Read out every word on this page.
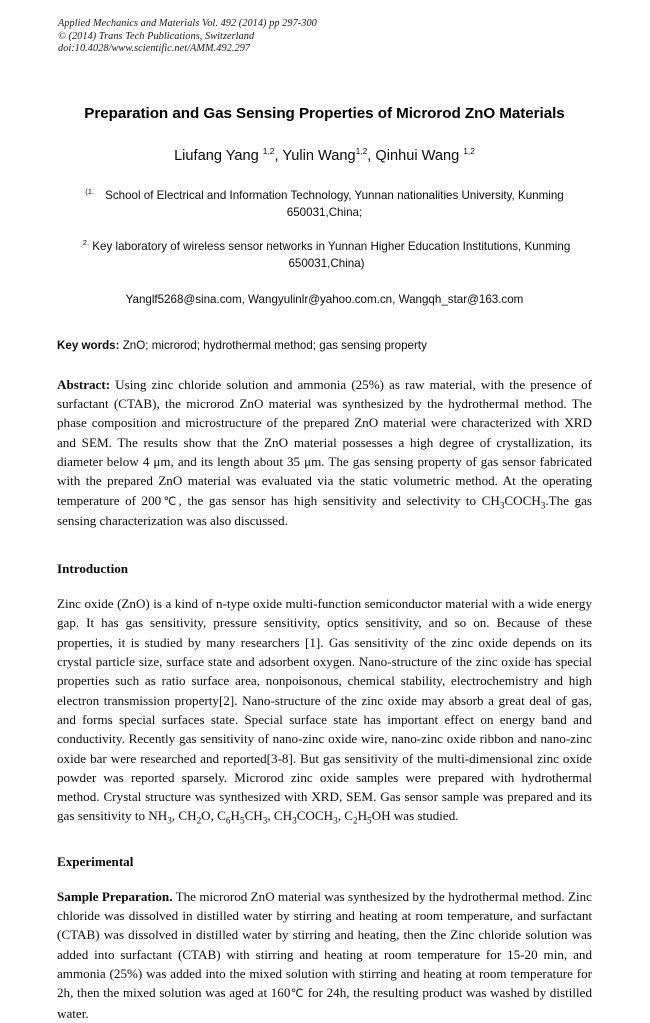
Applied Mechanics and Materials Vol. 492 (2014) pp 297-300
© (2014) Trans Tech Publications, Switzerland
doi:10.4028/www.scientific.net/AMM.492.297
Preparation and Gas Sensing Properties of Microrod ZnO Materials
Liufang Yang $^{1,2}$, Yulin Wang$^{1,2}$, Qinhui Wang $^{1,2}$
$^{(1.}$ School of Electrical and Information Technology, Yunnan nationalities University, Kunming 650031,China;
$^{2.}$ Key laboratory of wireless sensor networks in Yunnan Higher Education Institutions, Kunming 650031,China)
Yanglf5268@sina.com, Wangyulinlr@yahoo.com.cn, Wangqh_star@163.com
Key words: ZnO; microrod; hydrothermal method; gas sensing property

Abstract: Using zinc chloride solution and ammonia (25%) as raw material, with the presence of surfactant (CTAB), the microrod ZnO material was synthesized by the hydrothermal method. The phase composition and microstructure of the prepared ZnO material were characterized with XRD and SEM. The results show that the ZnO material possesses a high degree of crystallization, its diameter below 4 μm, and its length about 35 μm. The gas sensing property of gas sensor fabricated with the prepared ZnO material was evaluated via the static volumetric method. At the operating temperature of 200℃, the gas sensor has high sensitivity and selectivity to $CH_3COCH_3.The$ gas sensing characterization was also discussed.

Introduction

Zinc oxide (ZnO) is a kind of n-type oxide multi-function semiconductor material with a wide energy gap. It has gas sensitivity, pressure sensitivity, optics sensitivity, and so on. Because of these properties, it is studied by many researchers [1]. Gas sensitivity of the zinc oxide depends on its crystal particle size, surface state and adsorbent oxygen. Nano-structure of the zinc oxide has special properties such as ratio surface area, nonpoisonous, chemical stability, electrochemistry and high electron transmission property[2]. Nano-structure of the zinc oxide may absorb a great deal of gas, and forms special surfaces state. Special surface state has important effect on energy band and conductivity. Recently gas sensitivity of nano-zinc oxide wire, nano-zinc oxide ribbon and nano-zinc oxide bar were researched and reported[3-8]. But gas sensitivity of the multi-dimensional zinc oxide powder was reported sparsely. Microrod zinc oxide samples were prepared with hydrothermal method. Crystal structure was synthesized with XRD, SEM. Gas sensor sample was prepared and its gas sensitivity to $NH_3$, $CH_2O$, $C_6H_5CH_3$, $CH_3COCH_3$, $C_2H_5OH$ was studied.

Experimental

Sample Preparation. The microrod ZnO material was synthesized by the hydrothermal method. Zinc chloride was dissolved in distilled water by stirring and heating at room temperature, and surfactant (CTAB) was dissolved in distilled water by stirring and heating, then the Zinc chloride solution was added into surfactant (CTAB) with stirring and heating at room temperature for 15-20 min, and ammonia (25%) was added into the mixed solution with stirring and heating at room temperature for 2h, then the mixed solution was aged at 160℃ for 24h, the resulting product was washed by distilled water.
